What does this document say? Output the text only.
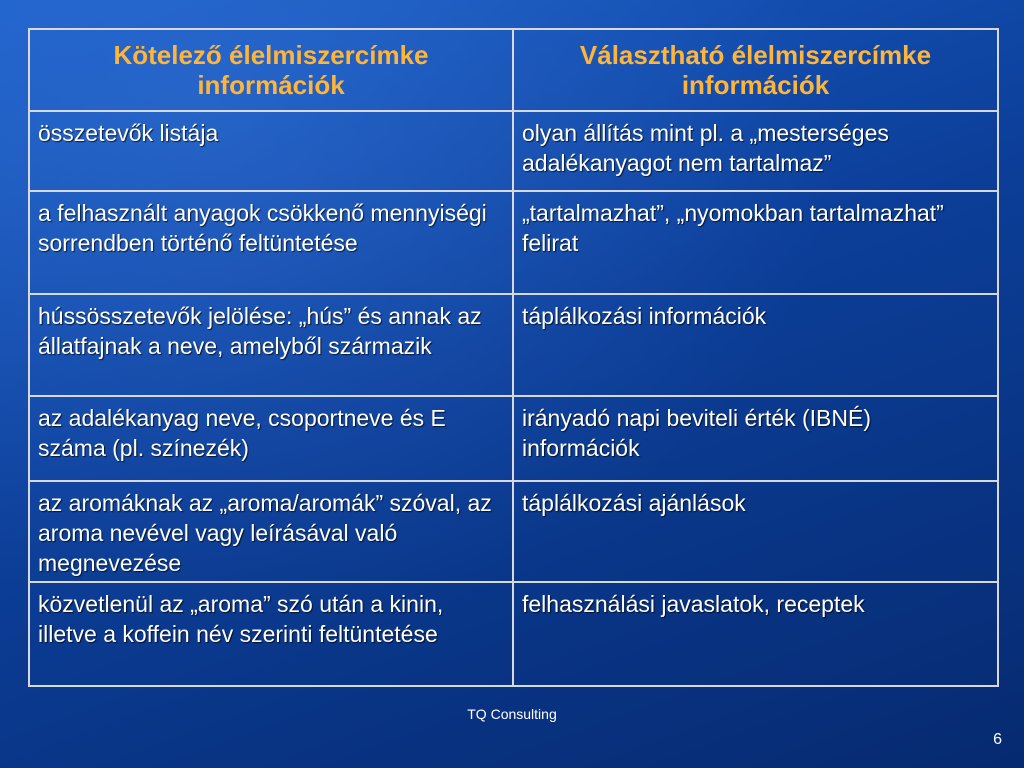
Kötelező élelmiszercímke információk	Választható élelmiszercímke információk
összetevők listája	olyan állítás mint pl. a „mesterséges adalékanyagot nem tartalmaz”
a felhasznált anyagok csökkenő mennyiségi sorrendben történő feltüntetése	„tartalmazhat”, „nyomokban tartalmazhat” felirat
hússösszetevők jelölése: „hús” és annak az állatfajnak a neve, amelyből származik	táplálkozási információk
az adalékanyag neve, csoportneve és E száma (pl. színezék)	irányadó napi beviteli érték (IBNÉ) információk
az aromáknak az „aroma/aromák” szóval, az aroma nevével vagy leírásával való megnevezése	táplálkozási ajánlások
közvetlenül az „aroma” szó után a kinin, illetve a koffein név szerinti feltüntetése	felhasználási javaslatok, receptek
TQ Consulting
6
